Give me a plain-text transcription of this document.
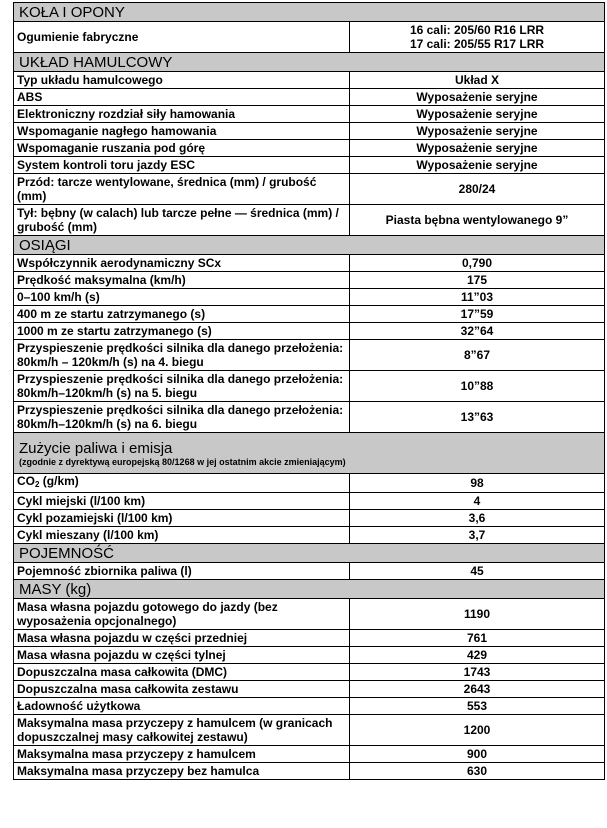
KOŁA I OPONY	

Ogumienie fabryczne	16 cali: 205/60 R16 LRR
17 cali: 205/55 R17 LRR

UKŁAD HAMULCOWY	

Typ układu hamulcowego	Układ X
ABS	Wyposażenie seryjne
Elektroniczny rozdział siły hamowania	Wyposażenie seryjne
Wspomaganie nagłego hamowania	Wyposażenie seryjne
Wspomaganie ruszania pod górę	Wyposażenie seryjne
System kontroli toru jazdy ESC	Wyposażenie seryjne
Przód: tarcze wentylowane, średnica (mm) / grubość (mm)	280/24
Tył: bębny (w calach) lub tarcze pełne — średnica (mm) / grubość (mm)	Piasta bębna wentylowanego 9”

OSIĄGI	

Współczynnik aerodynamiczny SCx	0,790
Prędkość maksymalna (km/h)	175
0–100 km/h (s)	11”03
400 m ze startu zatrzymanego (s)	17”59
1000 m ze startu zatrzymanego (s)	32”64
Przyspieszenie prędkości silnika dla danego przełożenia: 80km/h – 120km/h (s) na 4. biegu	8”67
Przyspieszenie prędkości silnika dla danego przełożenia: 80km/h–120km/h (s) na 5. biegu	10”88
Przyspieszenie prędkości silnika dla danego przełożenia: 80km/h–120km/h (s) na 6. biegu	13”63

Zużycie paliwa i emisja
(zgodnie z dyrektywą europejską 80/1268 w jej ostatnim akcie zmieniającym)	

$CO_2$ (g/km)	98
Cykl miejski (l/100 km)	4
Cykl pozamiejski (l/100 km)	3,6
Cykl mieszany (l/100 km)	3,7

POJEMNOŚĆ	

Pojemność zbiornika paliwa (l)	45

MASY (kg)	

Masa własna pojazdu gotowego do jazdy (bez wyposażenia opcjonalnego)	1190
Masa własna pojazdu w części przedniej	761
Masa własna pojazdu w części tylnej	429
Dopuszczalna masa całkowita (DMC)	1743
Dopuszczalna masa całkowita zestawu	2643
Ładowność użytkowa	553
Maksymalna masa przyczepy z hamulcem (w granicach dopuszczalnej masy całkowitej zestawu)	1200
Maksymalna masa przyczepy z hamulcem	900
Maksymalna masa przyczepy bez hamulca	630
